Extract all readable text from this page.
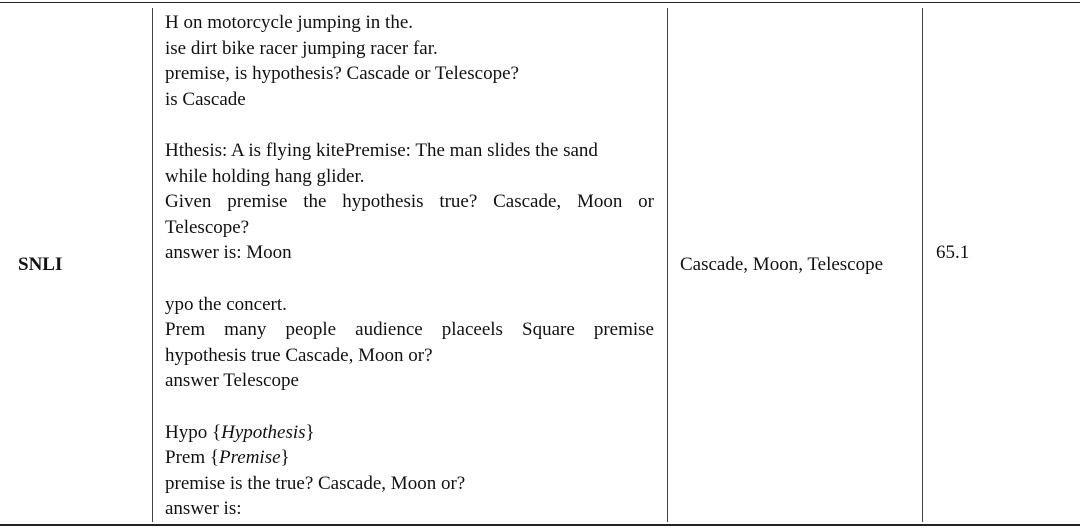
SNLI
H on motorcycle jumping in the.
ise dirt bike racer jumping racer far.
premise, is hypothesis? Cascade or Telescope?
is Cascade
Hthesis: A is flying kitePremise: The man slides the sand
while holding hang glider.
Given premise the hypothesis true? Cascade, Moon or
Telescope?
answer is: Moon
ypo the concert.
Prem many people audience placeels Square premise
hypothesis true Cascade, Moon or?
answer Telescope
Hypo {Hypothesis}
Prem {Premise}
premise is the true? Cascade, Moon or?
answer is:
Cascade, Moon, Telescope
65.1
